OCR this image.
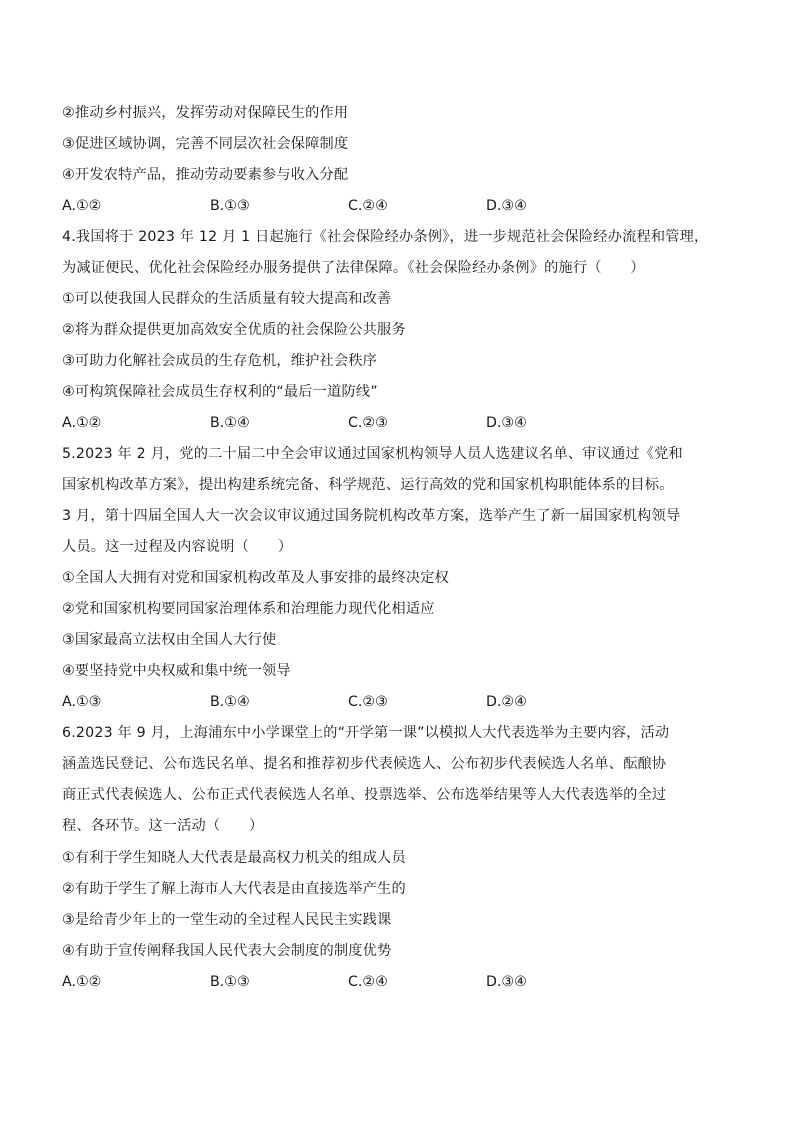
②推动乡村振兴，发挥劳动对保障民生的作用
③促进区域协调，完善不同层次社会保障制度
④开发农特产品，推动劳动要素参与收入分配
A.①②	B.①③	C.②④	D.③④
4.我国将于 2023 年 12 月 1 日起施行《社会保险经办条例》，进一步规范社会保险经办流程和管理，
为减证便民、优化社会保险经办服务提供了法律保障。《社会保险经办条例》的施行（　　）
①可以使我国人民群众的生活质量有较大提高和改善
②将为群众提供更加高效安全优质的社会保险公共服务
③可助力化解社会成员的生存危机，维护社会秩序
④可构筑保障社会成员生存权利的“最后一道防线”
A.①②	B.①④	C.②③	D.③④
5.2023 年 2 月，党的二十届二中全会审议通过国家机构领导人员人选建议名单、审议通过《党和
国家机构改革方案》，提出构建系统完备、科学规范、运行高效的党和国家机构职能体系的目标。
3 月，第十四届全国人大一次会议审议通过国务院机构改革方案，选举产生了新一届国家机构领导
人员。这一过程及内容说明（　　）
①全国人大拥有对党和国家机构改革及人事安排的最终决定权
②党和国家机构要同国家治理体系和治理能力现代化相适应
③国家最高立法权由全国人大行使
④要坚持党中央权威和集中统一领导
A.①③	B.①④	C.②③	D.②④
6.2023 年 9 月，上海浦东中小学课堂上的“开学第一课”以模拟人大代表选举为主要内容，活动
涵盖选民登记、公布选民名单、提名和推荐初步代表候选人、公布初步代表候选人名单、酝酿协
商正式代表候选人、公布正式代表候选人名单、投票选举、公布选举结果等人大代表选举的全过
程、各环节。这一活动（　　）
①有利于学生知晓人大代表是最高权力机关的组成人员
②有助于学生了解上海市人大代表是由直接选举产生的
③是给青少年上的一堂生动的全过程人民民主实践课
④有助于宣传阐释我国人民代表大会制度的制度优势
A.①②	B.①③	C.②④	D.③④
